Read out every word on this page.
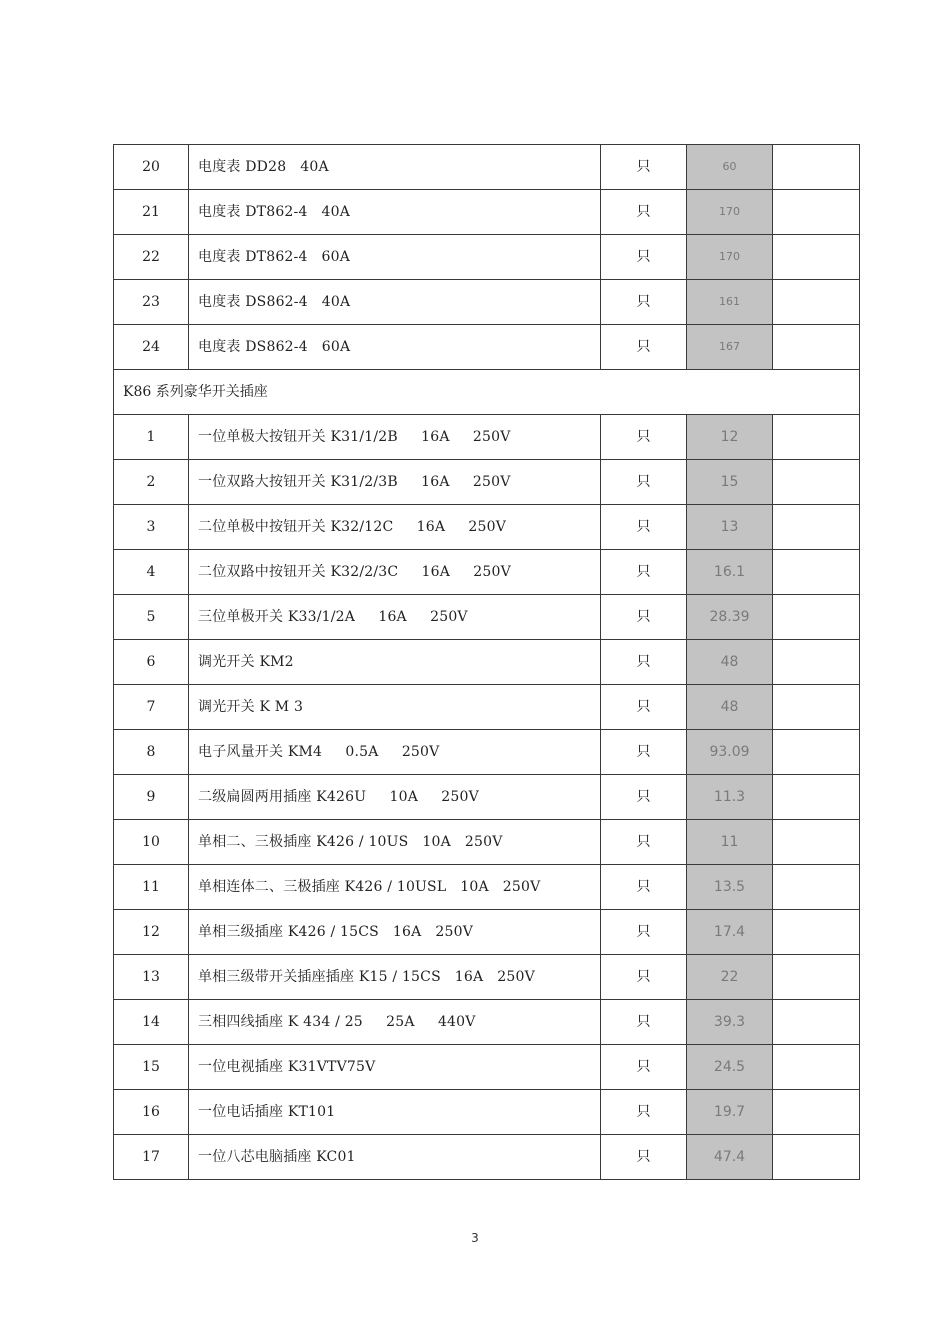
20	电度表 DD28   40A	只	60	
21	电度表 DT862-4   40A	只	170	
22	电度表 DT862-4   60A	只	170	
23	电度表 DS862-4   40A	只	161	
24	电度表 DS862-4   60A	只	167	
K86 系列豪华开关插座				
1	一位单极大按钮开关 K31/1/2B     16A     250V	只	12	
2	一位双路大按钮开关 K31/2/3B     16A     250V	只	15	
3	二位单极中按钮开关 K32/12C     16A     250V	只	13	
4	二位双路中按钮开关 K32/2/3C     16A     250V	只	16.1	
5	三位单极开关 K33/1/2A     16A     250V	只	28.39	
6	调光开关 KM2	只	48	
7	调光开关 K M 3	只	48	
8	电子风量开关 KM4     0.5A     250V	只	93.09	
9	二级扁圆两用插座 K426U     10A     250V	只	11.3	
10	单相二、三极插座 K426 / 10US   10A   250V	只	11	
11	单相连体二、三极插座 K426 / 10USL   10A   250V	只	13.5	
12	单相三级插座 K426 / 15CS   16A   250V	只	17.4	
13	单相三级带开关插座插座 K15 / 15CS   16A   250V	只	22	
14	三相四线插座 K 434 / 25     25A     440V	只	39.3	
15	一位电视插座 K31VTV75V	只	24.5	
16	一位电话插座 KT101	只	19.7	
17	一位八芯电脑插座 KC01	只	47.4	
3
